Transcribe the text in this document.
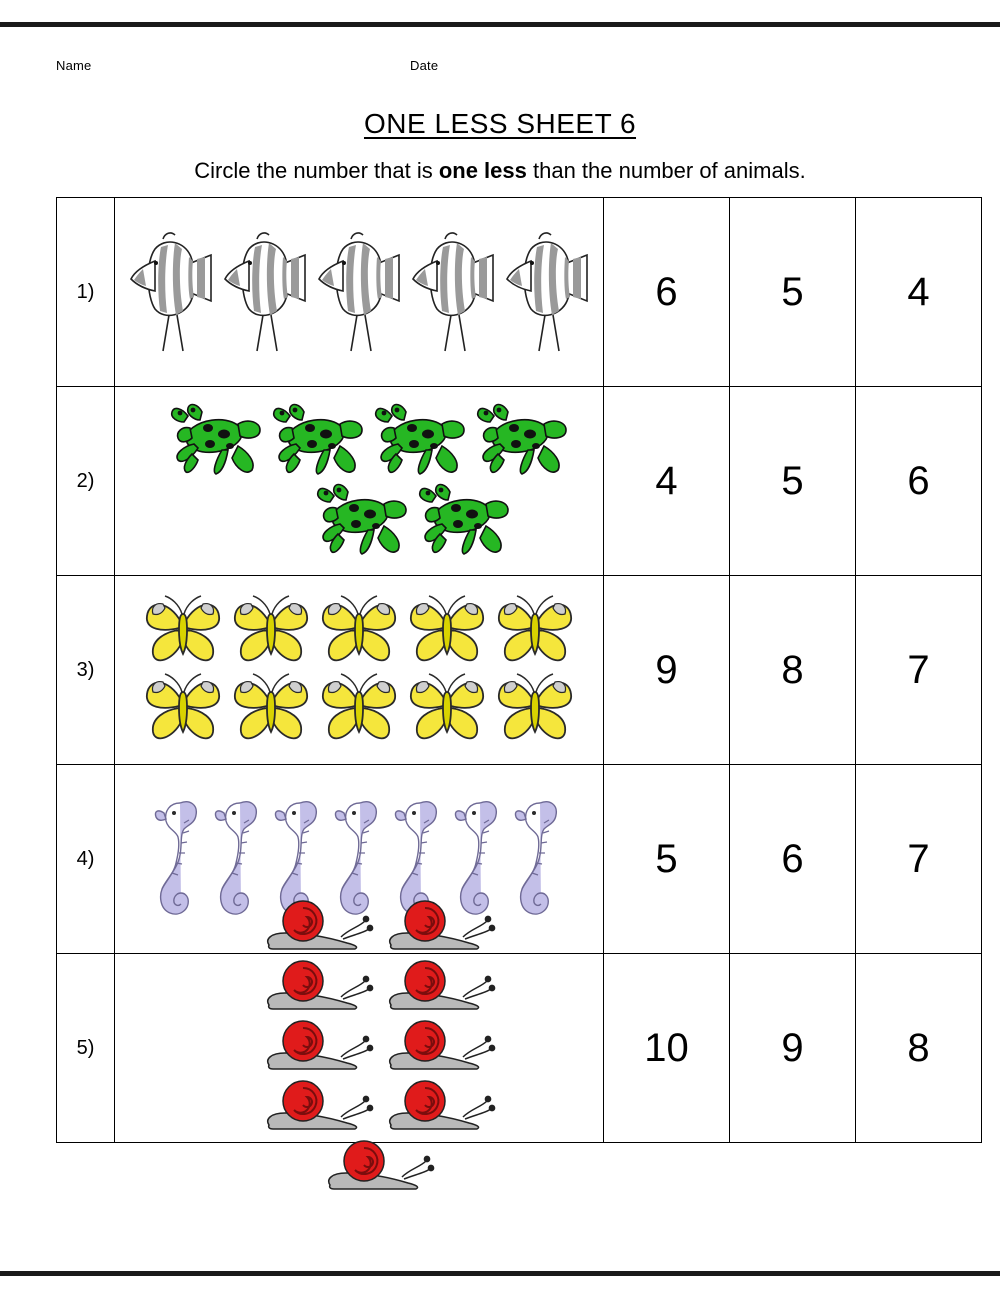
Name	Date
ONE LESS SHEET 6
Circle the number that is one less than the number of animals.
1)		6	5	4
2)		4	5	6
3)		9	8	7
4)		5	6	7
5)		10	9	8
